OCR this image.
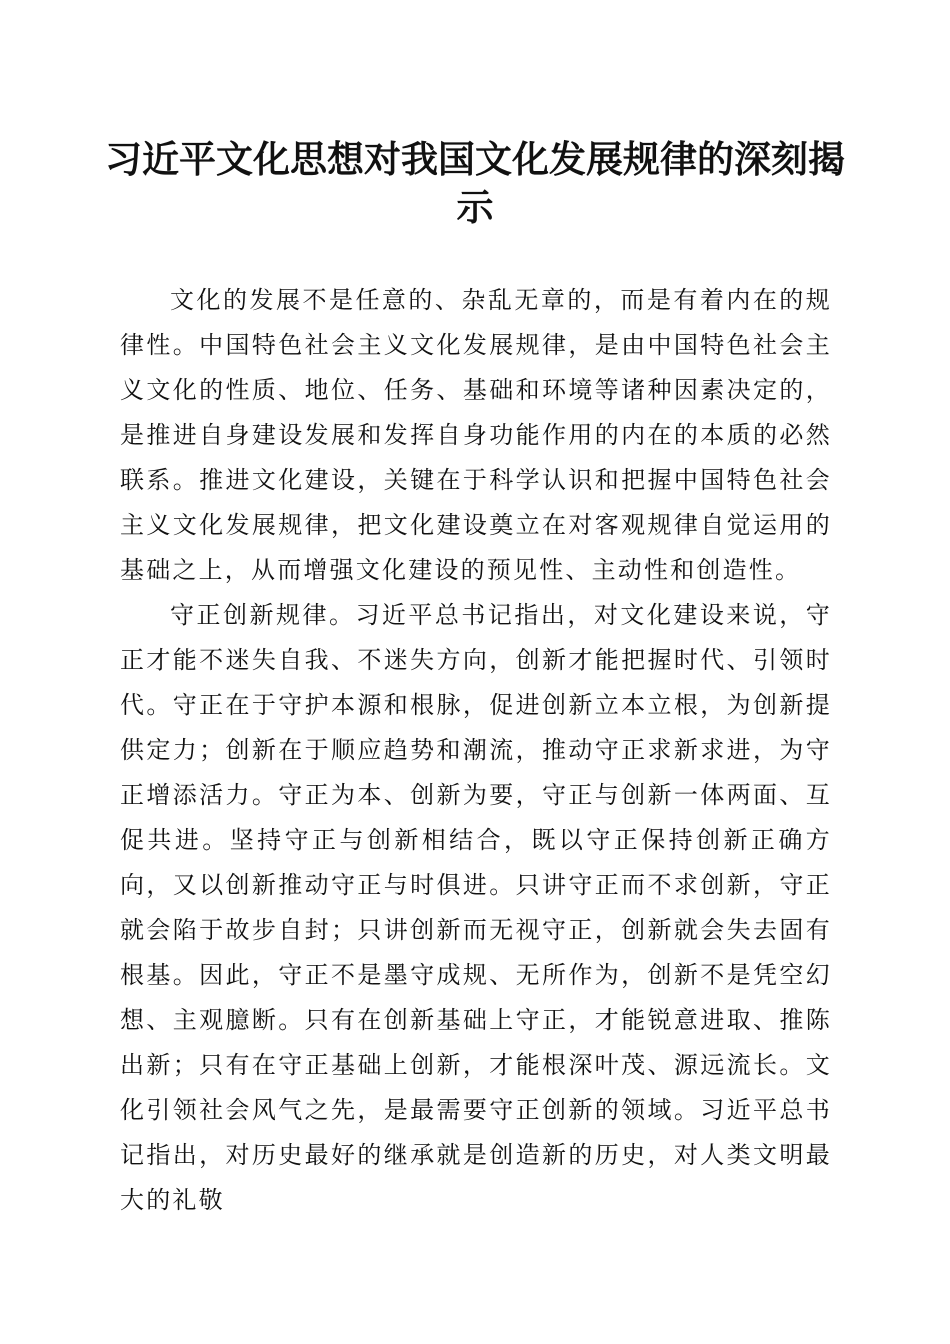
习近平文化思想对我国文化发展规律的深刻揭示

文化的发展不是任意的、杂乱无章的，而是有着内在的规律性。中国特色社会主义文化发展规律，是由中国特色社会主义文化的性质、地位、任务、基础和环境等诸种因素决定的，是推进自身建设发展和发挥自身功能作用的内在的本质的必然联系。推进文化建设，关键在于科学认识和把握中国特色社会主义文化发展规律，把文化建设奠立在对客观规律自觉运用的基础之上，从而增强文化建设的预见性、主动性和创造性。

守正创新规律。习近平总书记指出，对文化建设来说，守正才能不迷失自我、不迷失方向，创新才能把握时代、引领时代。守正在于守护本源和根脉，促进创新立本立根，为创新提供定力；创新在于顺应趋势和潮流，推动守正求新求进，为守正增添活力。守正为本、创新为要，守正与创新一体两面、互促共进。坚持守正与创新相结合，既以守正保持创新正确方向，又以创新推动守正与时俱进。只讲守正而不求创新，守正就会陷于故步自封；只讲创新而无视守正，创新就会失去固有根基。因此，守正不是墨守成规、无所作为，创新不是凭空幻想、主观臆断。只有在创新基础上守正，才能锐意进取、推陈出新；只有在守正基础上创新，才能根深叶茂、源远流长。文化引领社会风气之先，是最需要守正创新的领域。习近平总书记指出，对历史最好的继承就是创造新的历史，对人类文明最大的礼敬
